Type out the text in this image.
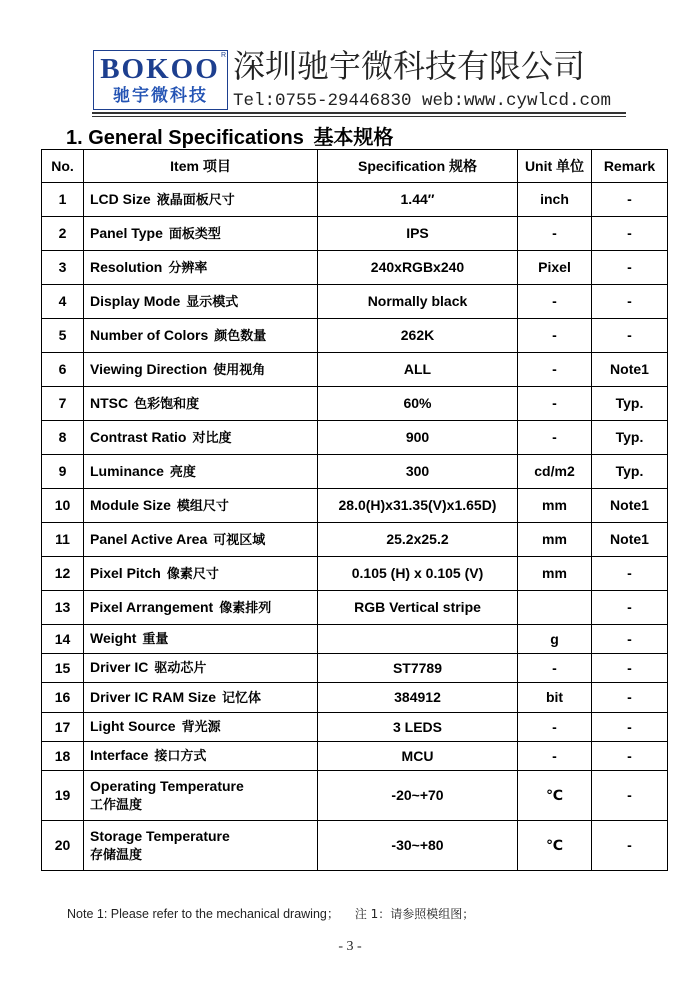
BOKOO R
驰宇微科技
深圳驰宇微科技有限公司
Tel:0755-29446830 web:www.cywlcd.com
1. General Specifications 基本规格
No.	Item 项目	Specification 规格	Unit 单位	Remark
1	LCD Size 液晶面板尺寸	1.44″	inch	-
2	Panel Type 面板类型	IPS	-	-
3	Resolution 分辨率	240xRGBx240	Pixel	-
4	Display Mode 显示模式	Normally black	-	-
5	Number of Colors 颜色数量	262K	-	-
6	Viewing Direction 使用视角	ALL	-	Note1
7	NTSC 色彩饱和度	60%	-	Typ.
8	Contrast Ratio 对比度	900	-	Typ.
9	Luminance 亮度	300	cd/m2	Typ.
10	Module Size 模组尺寸	28.0(H)x31.35(V)x1.65D)	mm	Note1
11	Panel Active Area 可视区域	25.2x25.2	mm	Note1
12	Pixel Pitch 像素尺寸	0.105 (H) x 0.105 (V)	mm	-
13	Pixel Arrangement 像素排列	RGB Vertical stripe		-
14	Weight 重量		g	-
15	Driver IC 驱动芯片	ST7789	-	-
16	Driver IC RAM Size 记忆体	384912	bit	-
17	Light Source 背光源	3 LEDS	-	-
18	Interface 接口方式	MCU	-	-
19	Operating Temperature
工作温度	-20~+70	℃	-
20	Storage Temperature
存储温度	-30~+80	℃	-
Note 1: Please refer to the mechanical drawing； 注 1：请参照模组图；
- 3 -
